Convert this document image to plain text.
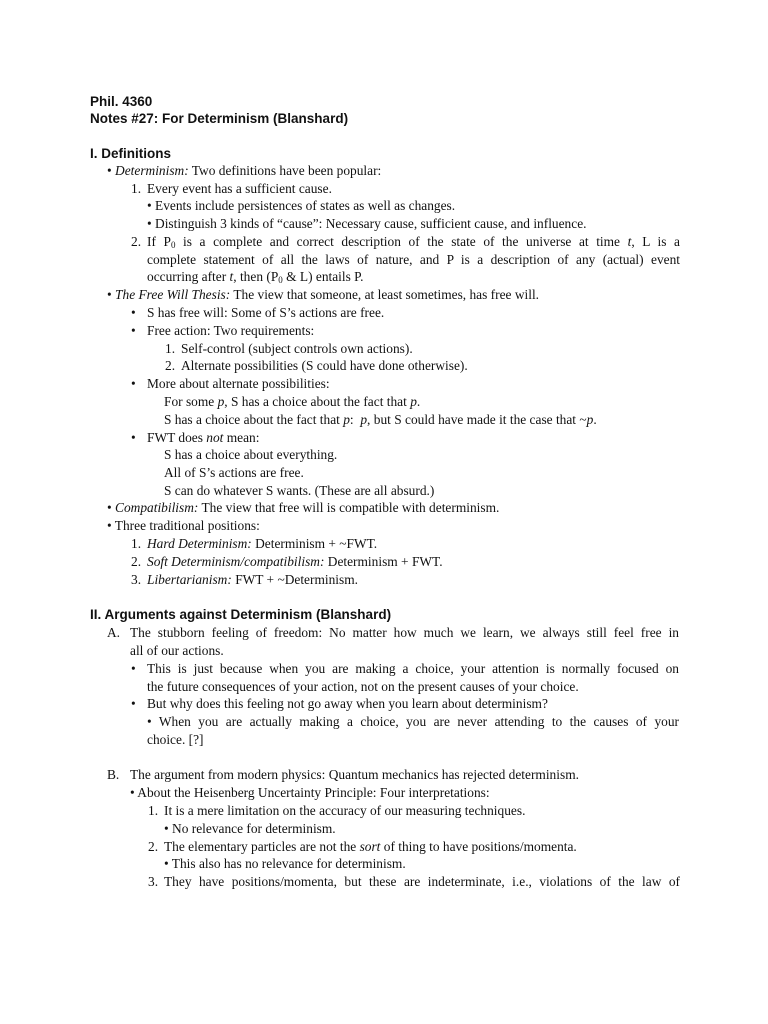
Phil. 4360
Notes #27: For Determinism (Blanshard)
I. Definitions
• Determinism: Two definitions have been popular:
1. Every event has a sufficient cause.
• Events include persistences of states as well as changes.
• Distinguish 3 kinds of “cause”: Necessary cause, sufficient cause, and influence.
2. If $P_0$ is a complete and correct description of the state of the universe at time t, L is a
complete statement of all the laws of nature, and P is a description of any (actual) event
occurring after t, then ($P_0$ & L) entails P.
• The Free Will Thesis: The view that someone, at least sometimes, has free will.
• S has free will: Some of S’s actions are free.
• Free action: Two requirements:
1. Self-control (subject controls own actions).
2. Alternate possibilities (S could have done otherwise).
• More about alternate possibilities:
For some p, S has a choice about the fact that p.
S has a choice about the fact that p:  p, but S could have made it the case that ~p.
• FWT does not mean:
S has a choice about everything.
All of S’s actions are free.
S can do whatever S wants. (These are all absurd.)
• Compatibilism: The view that free will is compatible with determinism.
• Three traditional positions:
1. Hard Determinism: Determinism + ~FWT.
2. Soft Determinism/compatibilism: Determinism + FWT.
3. Libertarianism: FWT + ~Determinism.
II. Arguments against Determinism (Blanshard)
A. The stubborn feeling of freedom: No matter how much we learn, we always still feel free in
all of our actions.
• This is just because when you are making a choice, your attention is normally focused on
the future consequences of your action, not on the present causes of your choice.
• But why does this feeling not go away when you learn about determinism?
• When you are actually making a choice, you are never attending to the causes of your
choice. [?]
B. The argument from modern physics: Quantum mechanics has rejected determinism.
• About the Heisenberg Uncertainty Principle: Four interpretations:
1. It is a mere limitation on the accuracy of our measuring techniques.
• No relevance for determinism.
2. The elementary particles are not the sort of thing to have positions/momenta.
• This also has no relevance for determinism.
3. They have positions/momenta, but these are indeterminate, i.e., violations of the law of
